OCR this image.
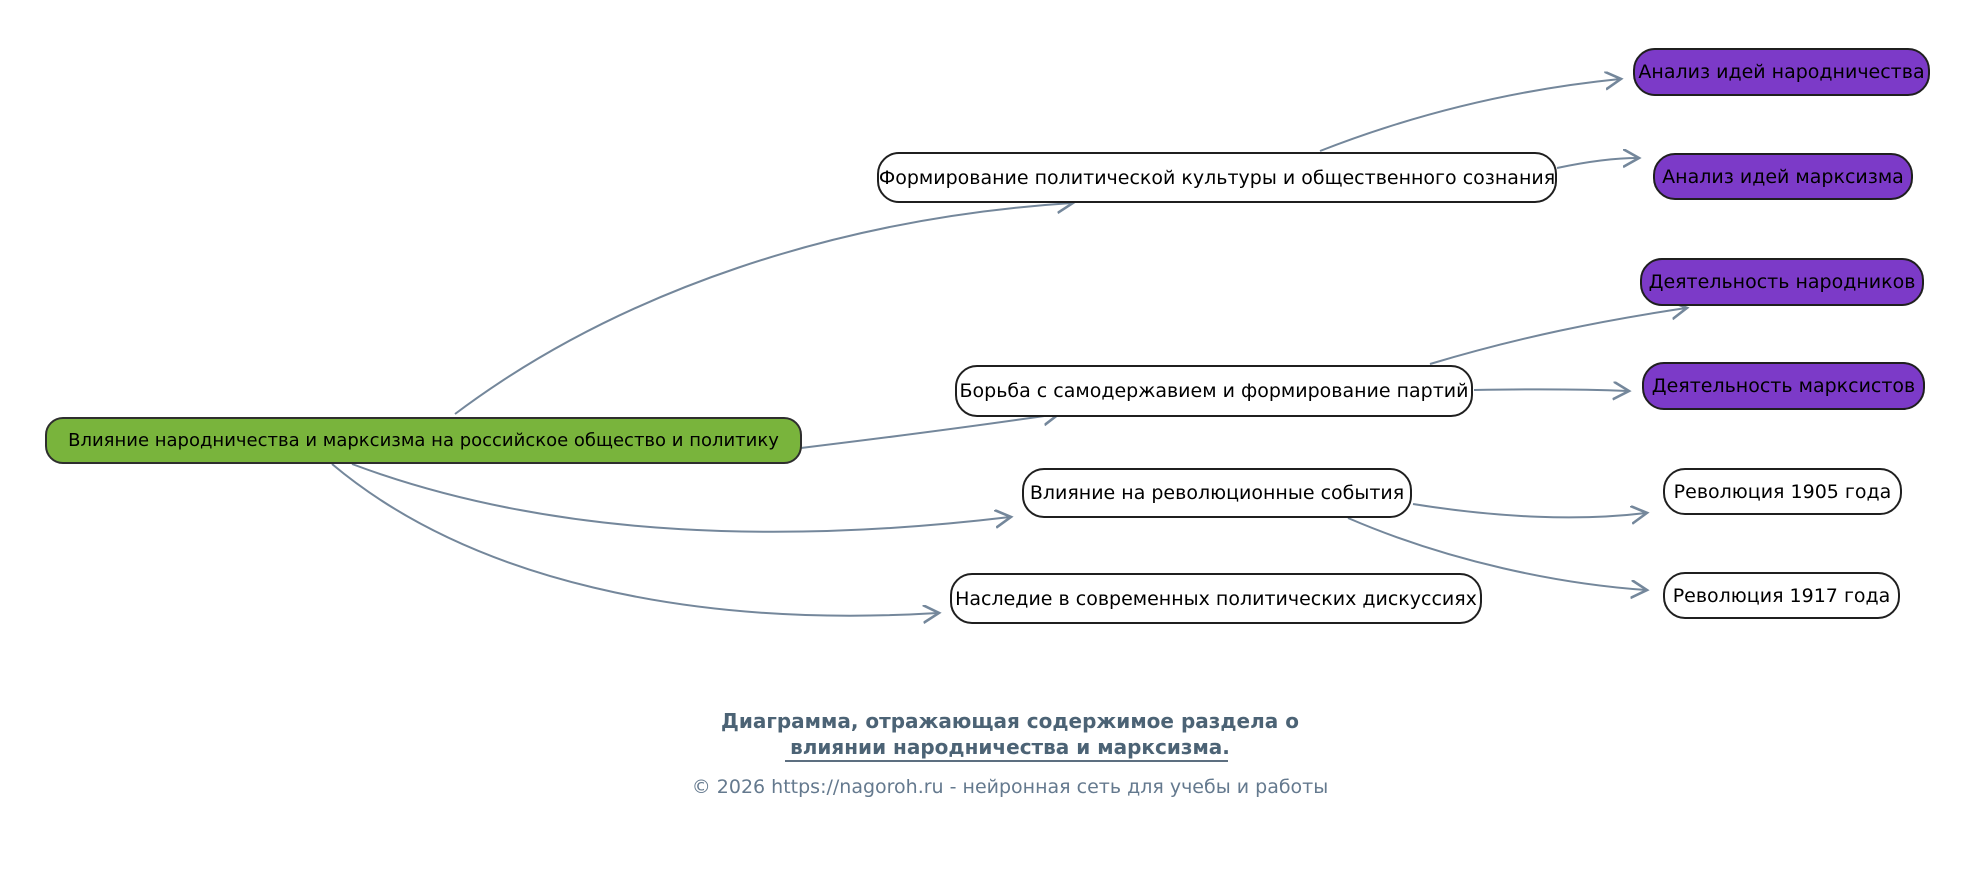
Влияние народничества и марксизма на российское общество и политику
Формирование политической культуры и общественного сознания
Борьба с самодержавием и формирование партий
Влияние на революционные события
Наследие в современных политических дискуссиях
Анализ идей народничества
Анализ идей марксизма
Деятельность народников
Деятельность марксистов
Революция 1905 года
Революция 1917 года
Диаграмма, отражающая содержимое раздела о
влиянии народничества и марксизма.
© 2026 https://nagoroh.ru - нейронная сеть для учебы и работы
